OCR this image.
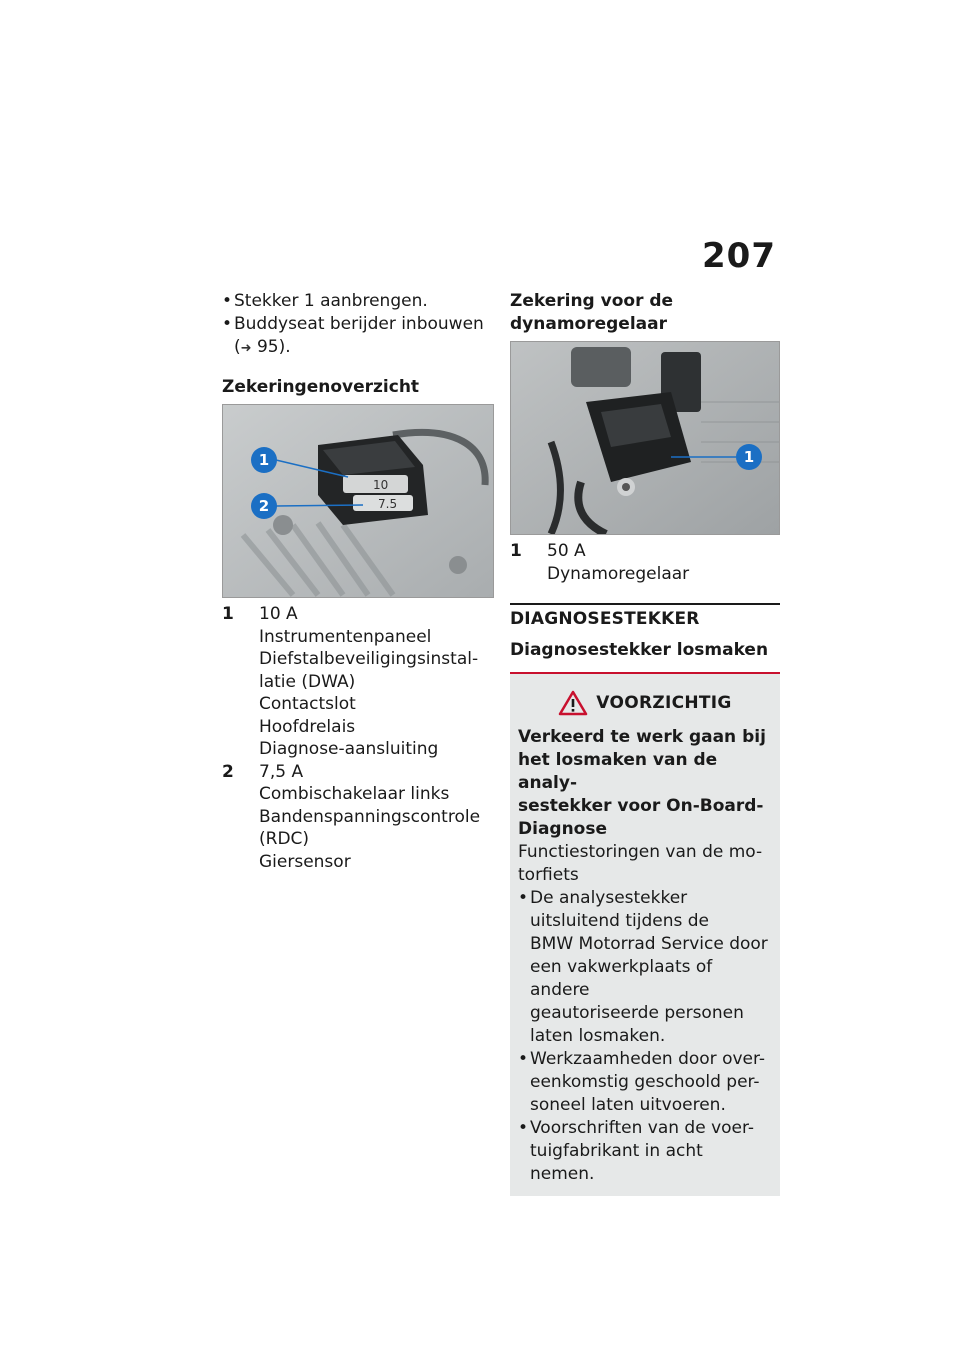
207
• Stekker 1 aanbrengen.
• Buddyseat berijder inbouwen
(➜ 95).
Zekeringenoverzicht
10
7.5
1
2
1	10 A
Instrumentenpaneel
Diefstalbeveiligingsinstal-
latie (DWA)
Contactslot
Hoofdrelais
Diagnose-aansluiting
2	7,5 A
Combischakelaar links
Bandenspanningscontrole
(RDC)
Giersensor
Zekering voor de
dynamoregelaar
1
1	50 A
Dynamoregelaar
DIAGNOSESTEKKER
Diagnosestekker losmaken
VOORZICHTIG
Verkeerd te werk gaan bij
het losmaken van de analy-
sestekker voor On-Board-
Diagnose
Functiestoringen van de mo-
torfiets
• De analysestekker
uitsluitend tijdens de
BMW Motorrad Service door
een vakwerkplaats of andere
geautoriseerde personen
laten losmaken.
• Werkzaamheden door over-
eenkomstig geschoold per-
soneel laten uitvoeren.
• Voorschriften van de voer-
tuigfabrikant in acht nemen.
